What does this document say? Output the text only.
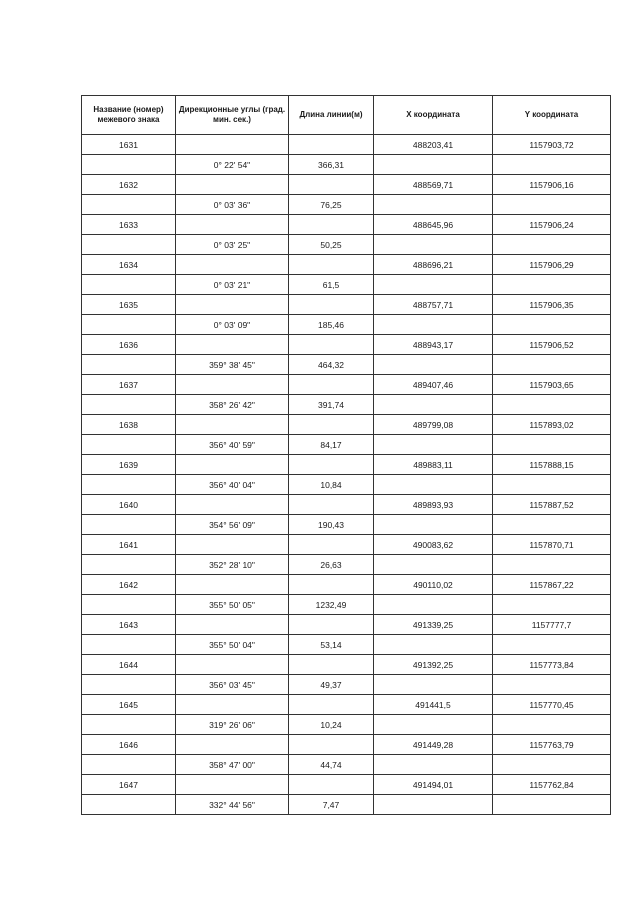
Название (номер) межевого знака	Дирекционные углы (град. мин. сек.)	Длина линии(м)	X координата	Y координата
1631			488203,41	1157903,72
	0° 22' 54"	366,31		
1632			488569,71	1157906,16
	0° 03' 36"	76,25		
1633			488645,96	1157906,24
	0° 03' 25"	50,25		
1634			488696,21	1157906,29
	0° 03' 21"	61,5		
1635			488757,71	1157906,35
	0° 03' 09"	185,46		
1636			488943,17	1157906,52
	359° 38' 45"	464,32		
1637			489407,46	1157903,65
	358° 26' 42"	391,74		
1638			489799,08	1157893,02
	356° 40' 59"	84,17		
1639			489883,11	1157888,15
	356° 40' 04"	10,84		
1640			489893,93	1157887,52
	354° 56' 09"	190,43		
1641			490083,62	1157870,71
	352° 28' 10"	26,63		
1642			490110,02	1157867,22
	355° 50' 05"	1232,49		
1643			491339,25	1157777,7
	355° 50' 04"	53,14		
1644			491392,25	1157773,84
	356° 03' 45"	49,37		
1645			491441,5	1157770,45
	319° 26' 06"	10,24		
1646			491449,28	1157763,79
	358° 47' 00"	44,74		
1647			491494,01	1157762,84
	332° 44' 56"	7,47		
